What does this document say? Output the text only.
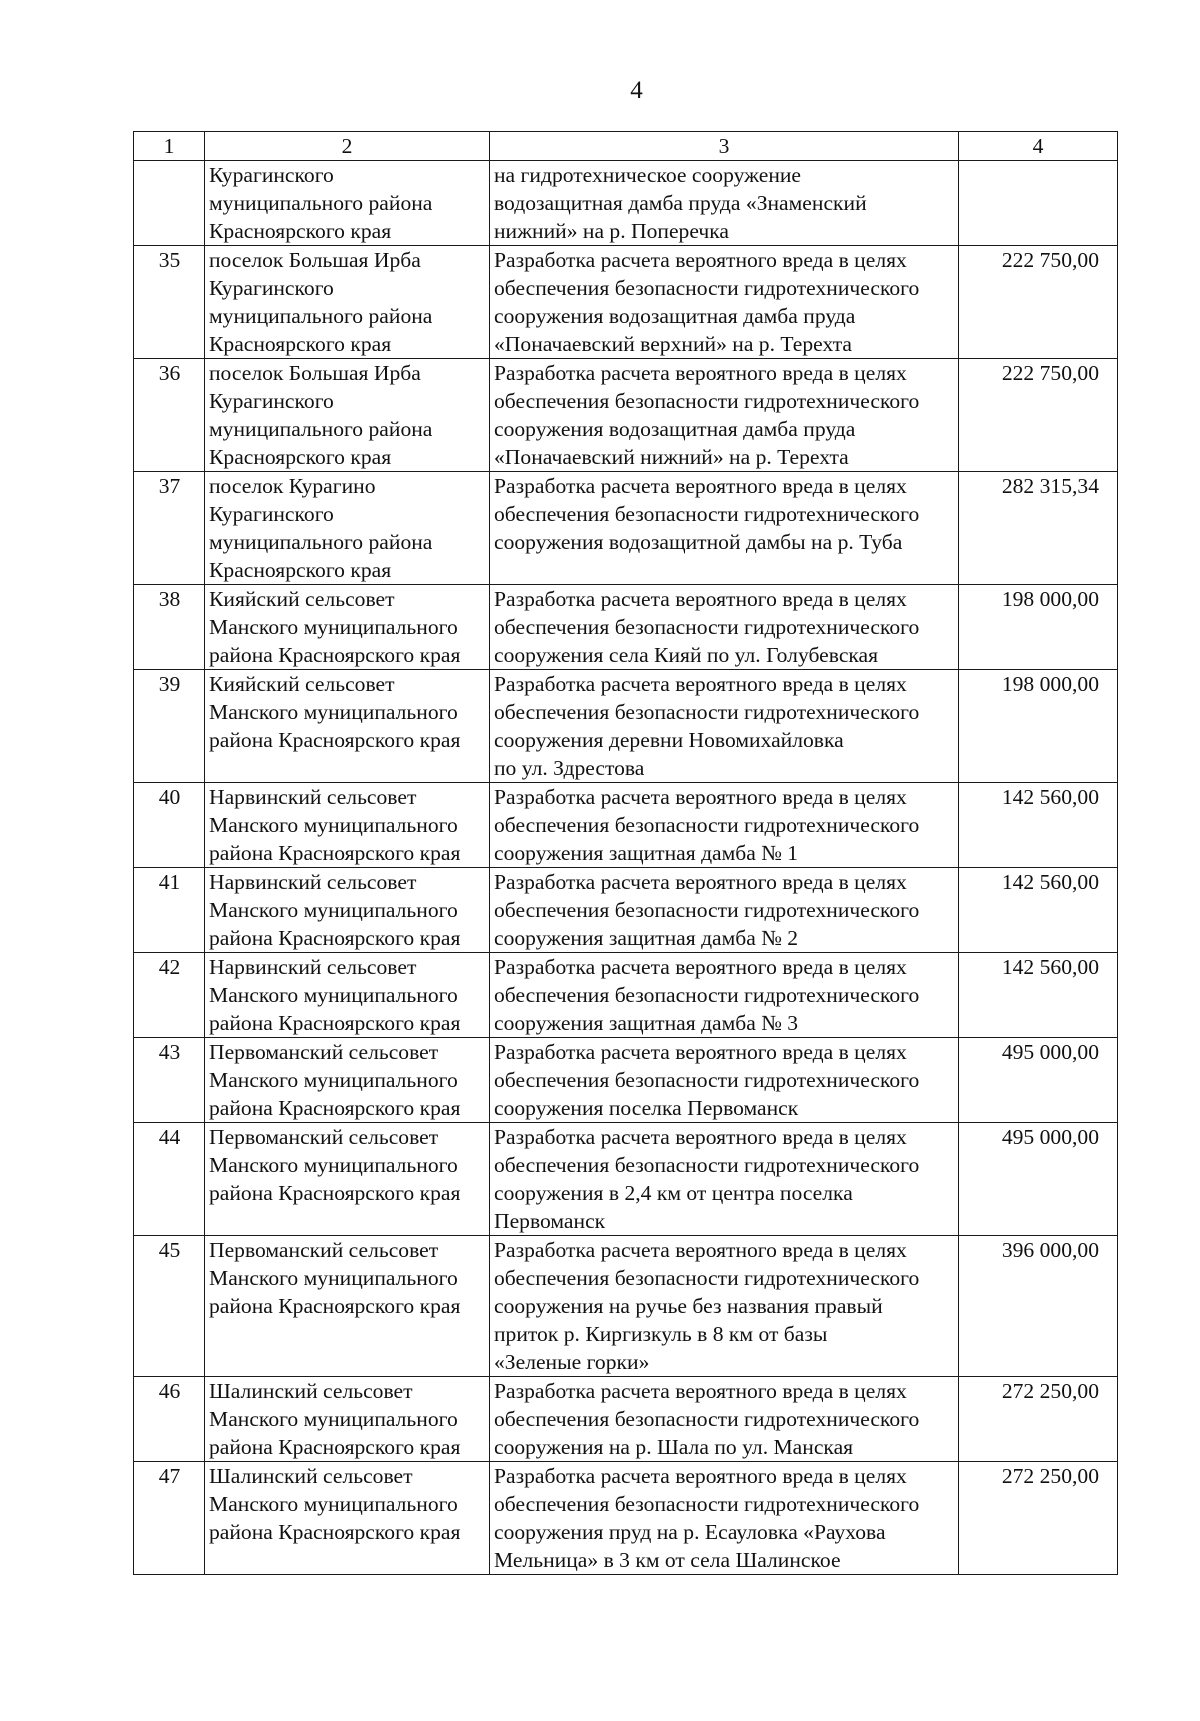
4
1	2	3	4
	Курагинского
муниципального района
Красноярского края	на гидротехническое сооружение
водозащитная дамба пруда «Знаменский
нижний» на р. Поперечка	
35	поселок Большая Ирба
Курагинского
муниципального района
Красноярского края	Разработка расчета вероятного вреда в целях
обеспечения безопасности гидротехнического
сооружения водозащитная дамба пруда
«Поначаевский верхний» на р. Терехта	222 750,00
36	поселок Большая Ирба
Курагинского
муниципального района
Красноярского края	Разработка расчета вероятного вреда в целях
обеспечения безопасности гидротехнического
сооружения водозащитная дамба пруда
«Поначаевский нижний» на р. Терехта	222 750,00
37	поселок Курагино
Курагинского
муниципального района
Красноярского края	Разработка расчета вероятного вреда в целях
обеспечения безопасности гидротехнического
сооружения водозащитной дамбы на р. Туба	282 315,34
38	Кияйский сельсовет
Манского муниципального
района Красноярского края	Разработка расчета вероятного вреда в целях
обеспечения безопасности гидротехнического
сооружения села Кияй по ул. Голубевская	198 000,00
39	Кияйский сельсовет
Манского муниципального
района Красноярского края	Разработка расчета вероятного вреда в целях
обеспечения безопасности гидротехнического
сооружения деревни Новомихайловка
по ул. Здрестова	198 000,00
40	Нарвинский сельсовет
Манского муниципального
района Красноярского края	Разработка расчета вероятного вреда в целях
обеспечения безопасности гидротехнического
сооружения защитная дамба № 1	142 560,00
41	Нарвинский сельсовет
Манского муниципального
района Красноярского края	Разработка расчета вероятного вреда в целях
обеспечения безопасности гидротехнического
сооружения защитная дамба № 2	142 560,00
42	Нарвинский сельсовет
Манского муниципального
района Красноярского края	Разработка расчета вероятного вреда в целях
обеспечения безопасности гидротехнического
сооружения защитная дамба № 3	142 560,00
43	Первоманский сельсовет
Манского муниципального
района Красноярского края	Разработка расчета вероятного вреда в целях
обеспечения безопасности гидротехнического
сооружения поселка Первоманск	495 000,00
44	Первоманский сельсовет
Манского муниципального
района Красноярского края	Разработка расчета вероятного вреда в целях
обеспечения безопасности гидротехнического
сооружения в 2,4 км от центра поселка
Первоманск	495 000,00
45	Первоманский сельсовет
Манского муниципального
района Красноярского края	Разработка расчета вероятного вреда в целях
обеспечения безопасности гидротехнического
сооружения на ручье без названия правый
приток р. Киргизкуль в 8 км от базы
«Зеленые горки»	396 000,00
46	Шалинский сельсовет
Манского муниципального
района Красноярского края	Разработка расчета вероятного вреда в целях
обеспечения безопасности гидротехнического
сооружения на р. Шала по ул. Манская	272 250,00
47	Шалинский сельсовет
Манского муниципального
района Красноярского края	Разработка расчета вероятного вреда в целях
обеспечения безопасности гидротехнического
сооружения пруд на р. Есауловка «Раухова
Мельница» в 3 км от села Шалинское	272 250,00
